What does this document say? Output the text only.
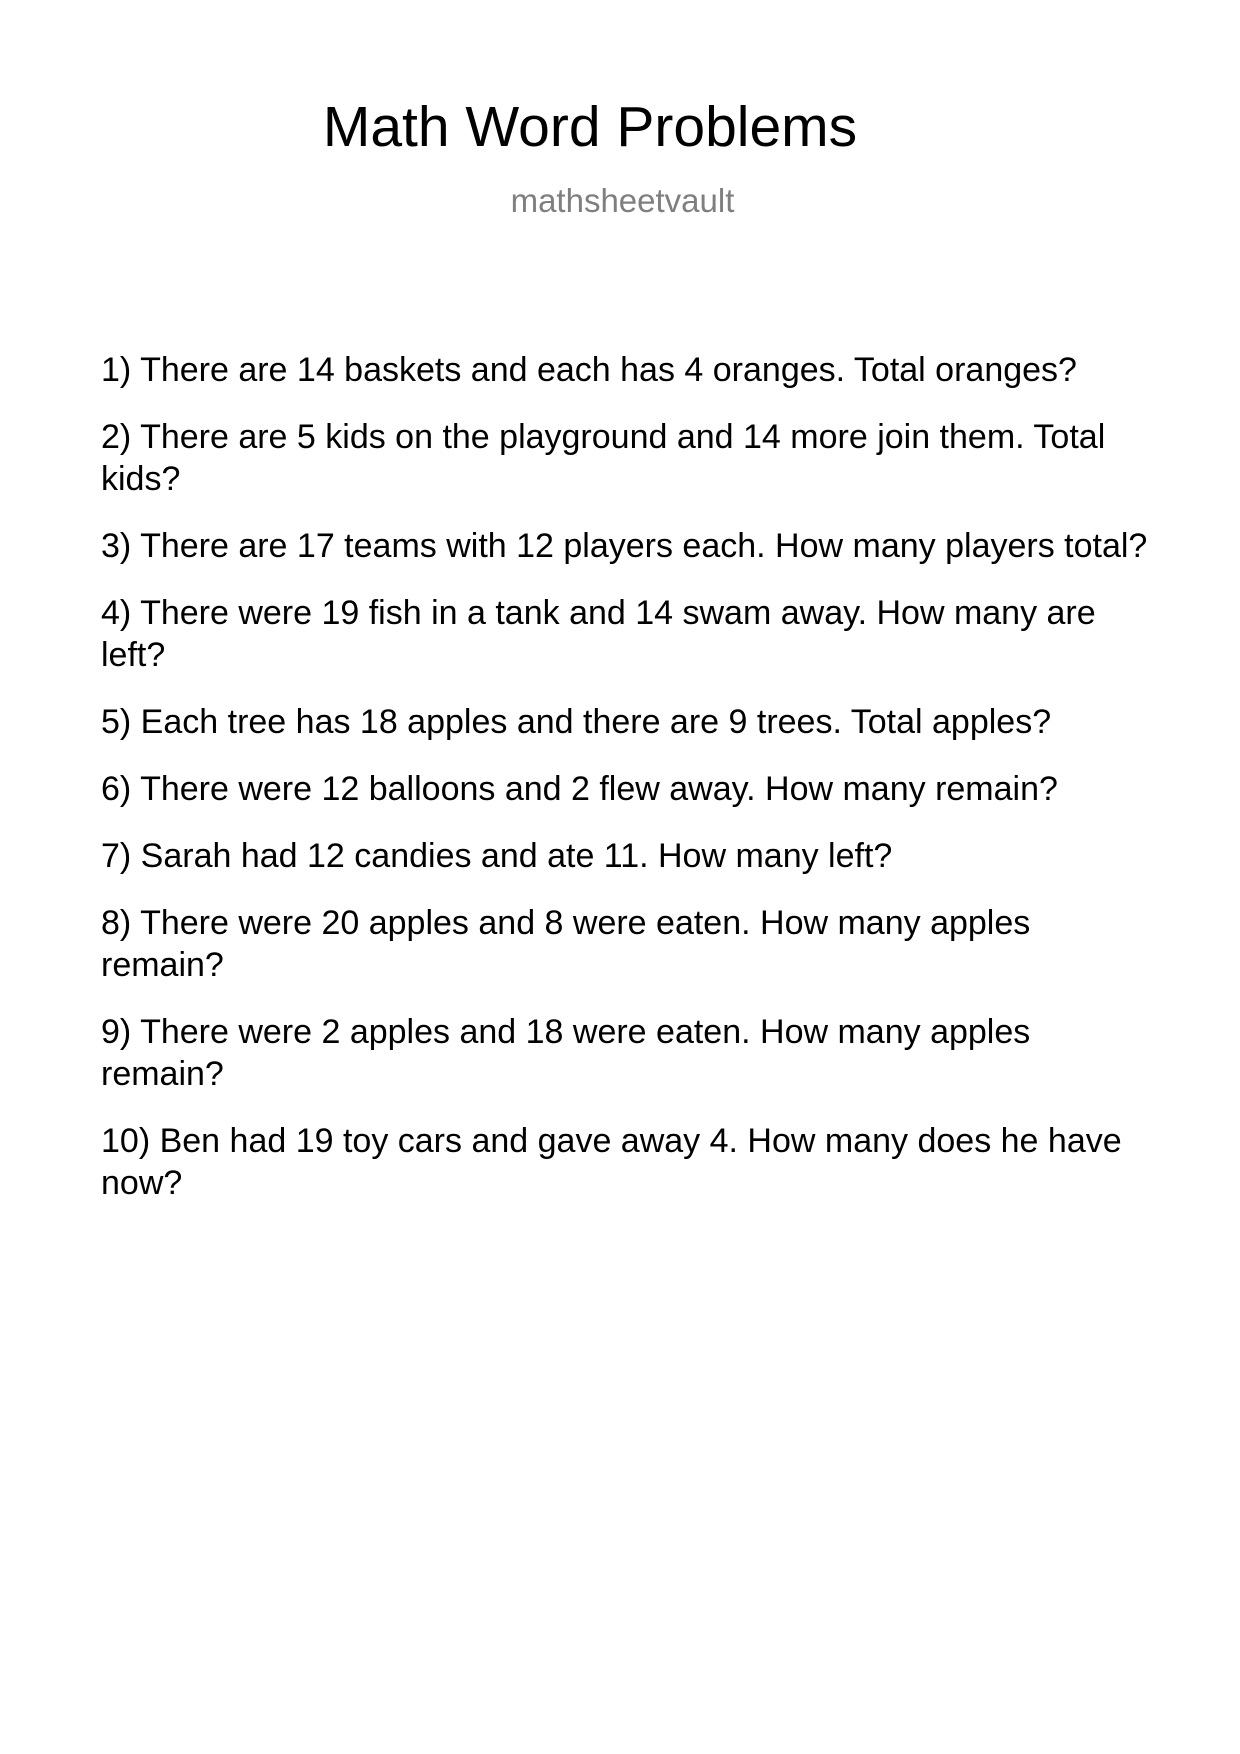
Math Word Problems

mathsheetvault

1) There are 14 baskets and each has 4 oranges. Total oranges?
2) There are 5 kids on the playground and 14 more join them. Total kids?
3) There are 17 teams with 12 players each. How many players total?
4) There were 19 fish in a tank and 14 swam away. How many are left?
5) Each tree has 18 apples and there are 9 trees. Total apples?
6) There were 12 balloons and 2 flew away. How many remain?
7) Sarah had 12 candies and ate 11. How many left?
8) There were 20 apples and 8 were eaten. How many apples remain?
9) There were 2 apples and 18 were eaten. How many apples remain?
10) Ben had 19 toy cars and gave away 4. How many does he have now?
